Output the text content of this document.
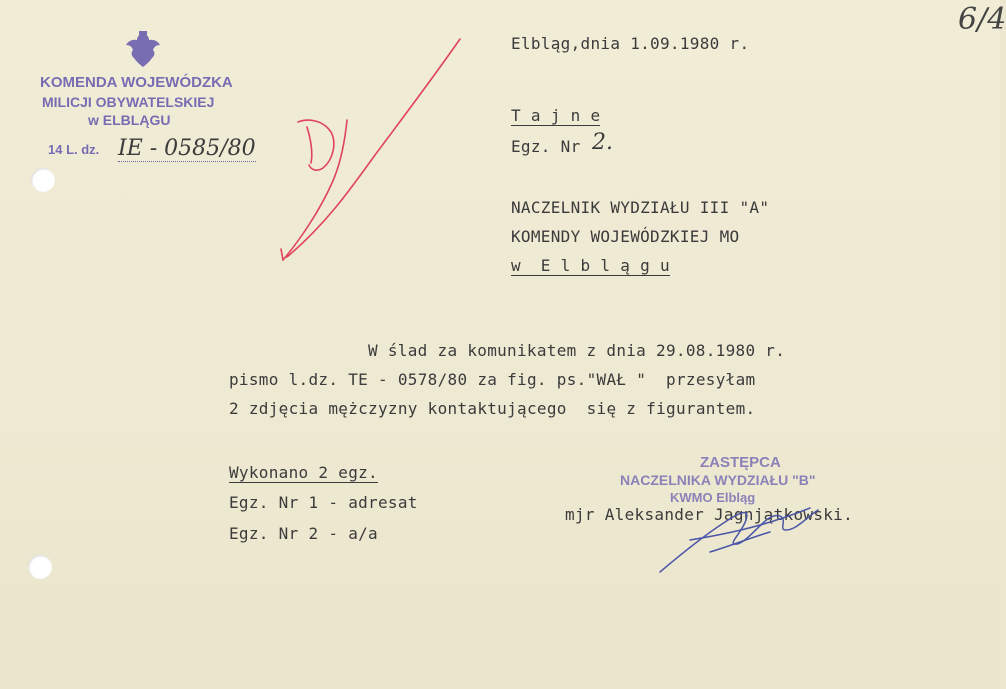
6/4
KOMENDA WOJEWÓDZKA
MILICJI OBYWATELSKIEJ
w ELBLĄGU
14 L. dz. IE - 0585/80
Elbląg,dnia 1.09.1980 r.
T a j n e
Egz. Nr 2.
NACZELNIK WYDZIAŁU III "A"
KOMENDY WOJEWÓDZKIEJ MO
w  E l b l ą g u
W ślad za komunikatem z dnia 29.08.1980 r.
pismo l.dz. TE - 0578/80 za fig. ps."WAŁ "  przesyłam
2 zdjęcia mężczyzny kontaktującego  się z figurantem.
Wykonano 2 egz.
Egz. Nr 1 - adresat
Egz. Nr 2 - a/a
ZASTĘPCA
NACZELNIKA WYDZIAŁU "B"
KWMO Elbląg
mjr Aleksander Jagnjątkowski.
